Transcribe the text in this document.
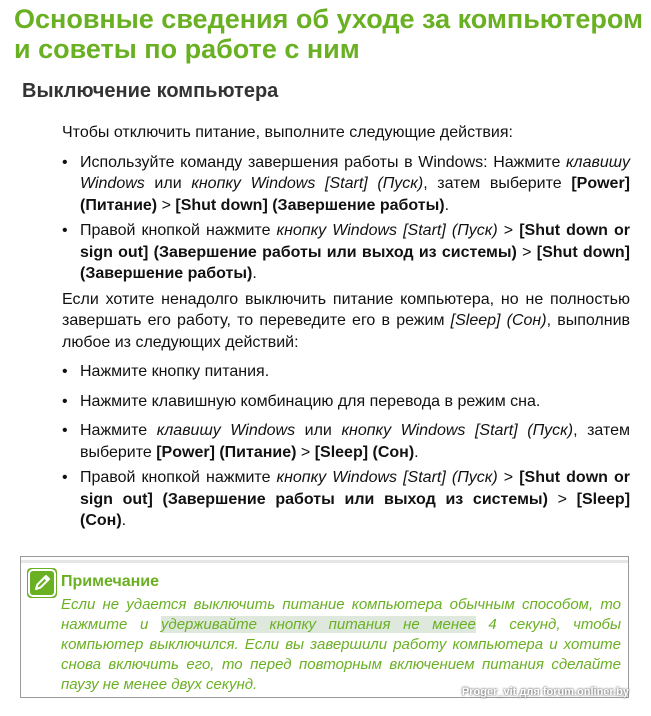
Основные сведения об уходе за компьютером и советы по работе с ним
Выключение компьютера

Чтобы отключить питание, выполните следующие действия:

• Используйте команду завершения работы в Windows: Нажмите клавишу Windows или кнопку Windows [Start] (Пуск), затем выберите [Power] (Питание) > [Shut down] (Завершение работы).
• Правой кнопкой нажмите кнопку Windows [Start] (Пуск) > [Shut down or sign out] (Завершение работы или выход из системы) > [Shut down] (Завершение работы).

Если хотите ненадолго выключить питание компьютера, но не полностью завершать его работу, то переведите его в режим [Sleep] (Сон), выполнив любое из следующих действий:

• Нажмите кнопку питания.
• Нажмите клавишную комбинацию для перевода в режим сна.
• Нажмите клавишу Windows или кнопку Windows [Start] (Пуск), затем выберите [Power] (Питание) > [Sleep] (Сон).
• Правой кнопкой нажмите кнопку Windows [Start] (Пуск) > [Shut down or sign out] (Завершение работы или выход из системы) > [Sleep] (Сон).
Примечание
Если не удается выключить питание компьютера обычным способом, то нажмите и удерживайте кнопку питания не менее 4 секунд, чтобы компьютер выключился. Если вы завершили работу компьютера и хотите снова включить его, то перед повторным включением питания сделайте паузу не менее двух секунд.	Proger_vit для forum.onliner.by
